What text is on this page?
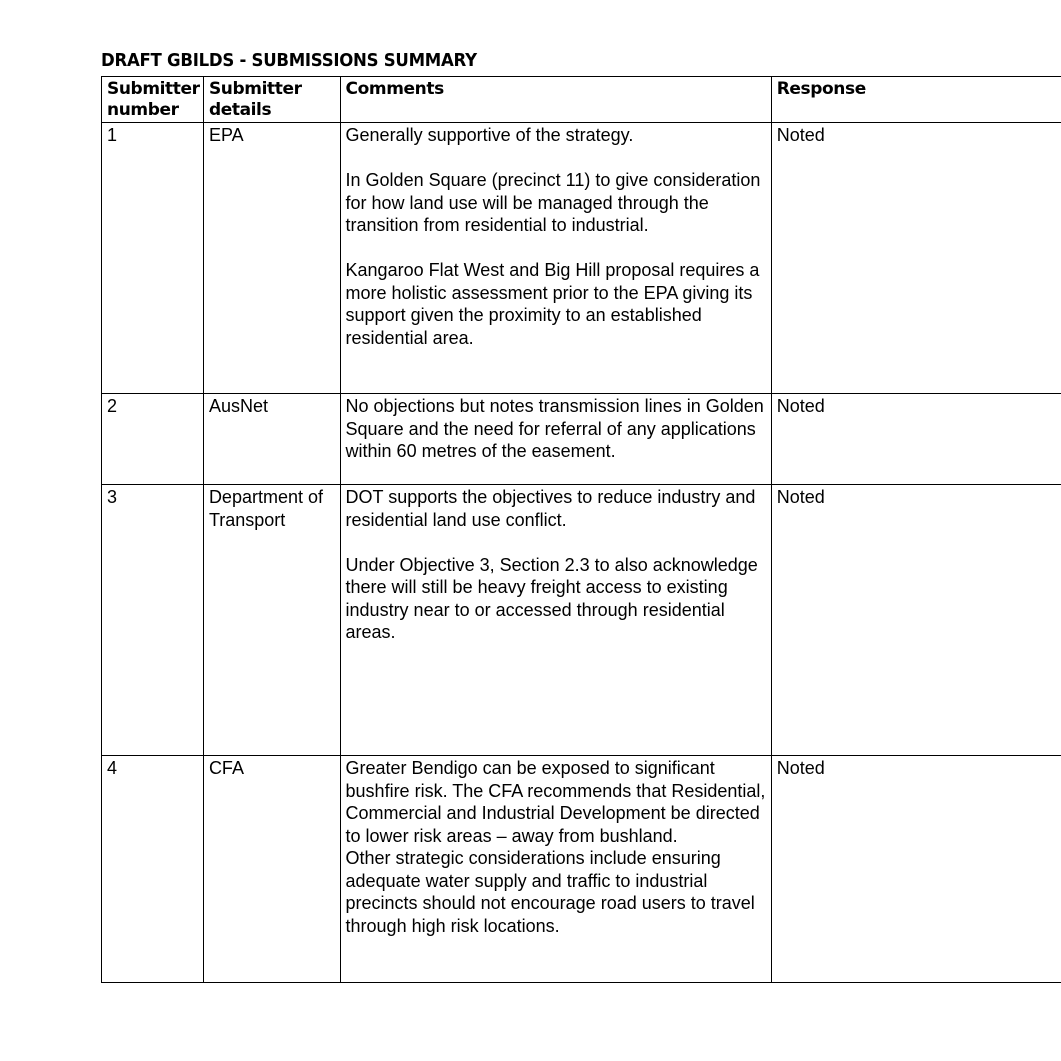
DRAFT GBILDS - SUBMISSIONS SUMMARY
Submitter number	Submitter details	Comments	Response
1	EPA	Generally supportive of the strategy.

In Golden Square (precinct 11) to give consideration for how land use will be managed through the transition from residential to industrial.

Kangaroo Flat West and Big Hill proposal requires a more holistic assessment prior to the EPA giving its support given the proximity to an established residential area.	Noted
2	AusNet	No objections but notes transmission lines in Golden Square and the need for referral of any applications within 60 metres of the easement.	Noted
3	Department of Transport	DOT supports the objectives to reduce industry and residential land use conflict.

Under Objective 3, Section 2.3 to also acknowledge there will still be heavy freight access to existing industry near to or accessed through residential areas.	Noted
4	CFA	Greater Bendigo can be exposed to significant bushfire risk. The CFA recommends that Residential, Commercial and Industrial Development be directed to lower risk areas – away from bushland.

Other strategic considerations include ensuring adequate water supply and traffic to industrial precincts should not encourage road users to travel through high risk locations.	Noted
